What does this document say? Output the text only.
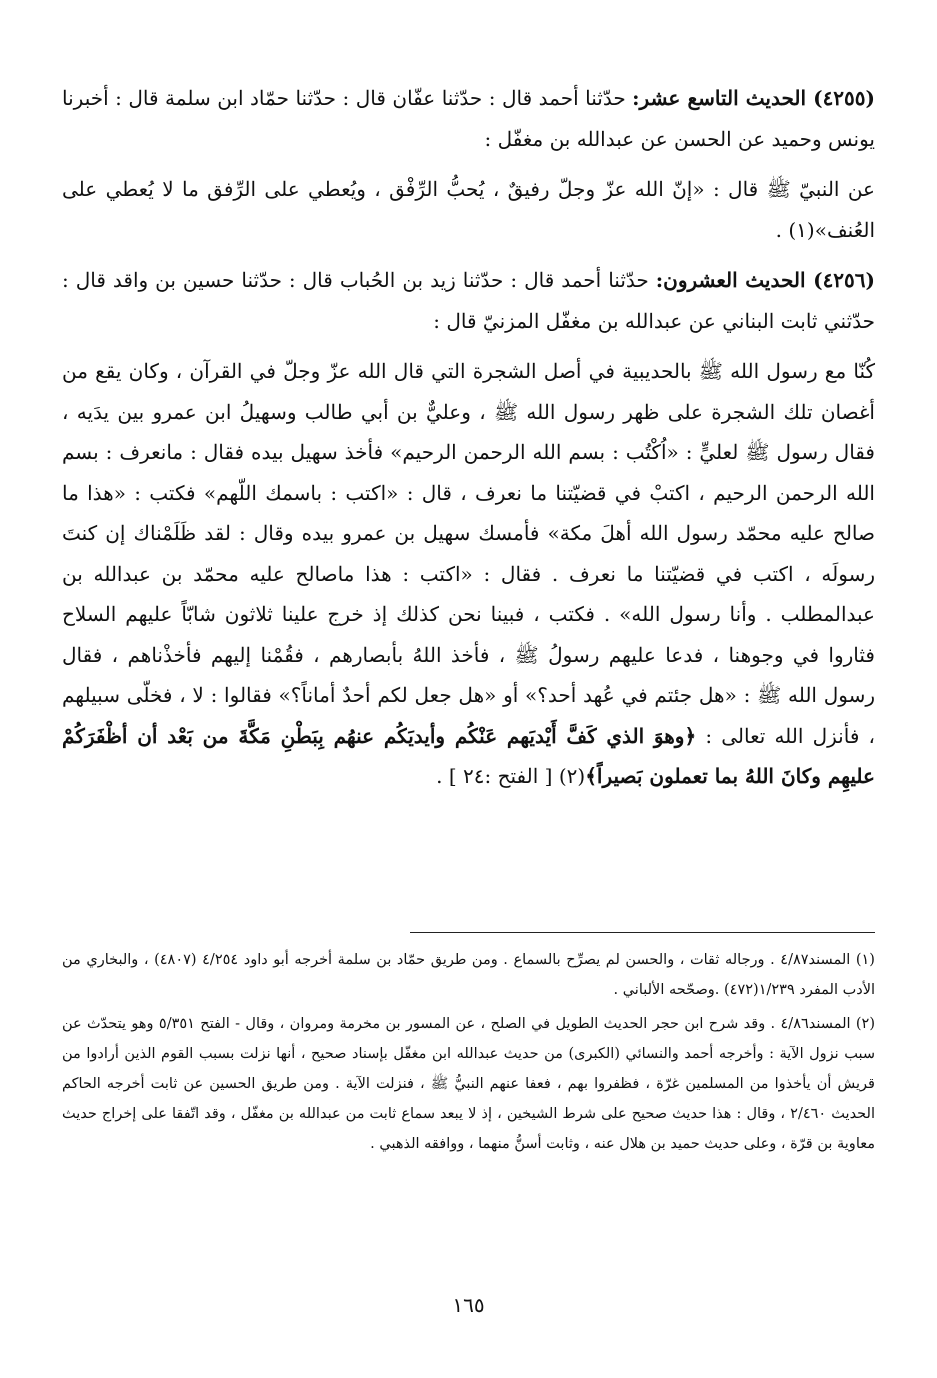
(٤٢٥٥) الحديث التاسع عشر: حدّثنا أحمد قال : حدّثنا عفّان قال : حدّثنا حمّاد ابن سلمة قال : أخبرنا يونس وحميد عن الحسن عن عبدالله بن مغفّل :

عن النبيّ ﷺ قال : «إنّ الله عزّ وجلّ رفيقٌ ، يُحبُّ الرِّفْق ، ويُعطي على الرِّفق ما لا يُعطي على العُنف»(١) .

(٤٢٥٦) الحديث العشرون: حدّثنا أحمد قال : حدّثنا زيد بن الحُباب قال : حدّثنا حسين بن واقد قال : حدّثني ثابت البناني عن عبدالله بن مغفّل المزنيّ قال :

كُنّا مع رسول الله ﷺ بالحديبية في أصل الشجرة التي قال الله عزّ وجلّ في القرآن ، وكان يقع من أغصان تلك الشجرة على ظهر رسول الله ﷺ ، وعليٌّ بن أبي طالب وسهيلُ ابن عمرو بين يدَيه ، فقال رسول ﷺ لعليٍّ : «اُكْتُب : بسم الله الرحمن الرحيم» فأخذ سهيل بيده فقال : مانعرف : بسم الله الرحمن الرحيم ، اكتبْ في قضيّتنا ما نعرف ، قال : «اكتب : باسمك اللّهم» فكتب : «هذا ما صالح عليه محمّد رسول الله أهلَ مكة» فأمسك سهيل بن عمرو بيده وقال : لقد ظَلَمْناك إن كنتَ رسولَه ، اكتب في قضيّتنا ما نعرف . فقال : «اكتب : هذا ماصالح عليه محمّد بن عبدالله بن عبدالمطلب . وأنا رسول الله» . فكتب ، فبينا نحن كذلك إذ خرج علينا ثلاثون شابّاً عليهم السلاح فثاروا في وجوهنا ، فدعا عليهم رسولُ ﷺ ، فأخذ اللهُ بأبصارهم ، فقُمْنا إليهم فأخذْناهم ، فقال رسول الله ﷺ : «هل جئتم في عُهد أحد؟» أو «هل جعل لكم أحدٌ أماناً؟» فقالوا : لا ، فخلّى سبيلهم ، فأنزل الله تعالى : ﴿وهوَ الذي كَفَّ أَيْديَهم عَنْكُم وأيديَكُم عنهُم بِبَطْنِ مَكَّةَ من بَعْد أن أظْفَرَكُمْ عليهِم وكانَ اللهُ بما تعملون بَصيراً﴾(٢) [ الفتح :٢٤ ] .

(١) المسند٤/٨٧ . ورجاله ثقات ، والحسن لم يصرِّح بالسماع . ومن طريق حمّاد بن سلمة أخرجه أبو داود ٤/٢٥٤ (٤٨٠٧) ، والبخاري من الأدب المفرد ١/٢٣٩(٤٧٢) .وصحّحه الألباني .

(٢) المسند٤/٨٦ . وقد شرح ابن حجر الحديث الطويل في الصلح ، عن المسور بن مخرمة ومروان ، وقال - الفتح ٥/٣٥١ وهو يتحدّث عن سبب نزول الآية : وأخرجه أحمد والنسائي (الكبرى) من حديث عبدالله ابن مغفّل بإسناد صحيح ، أنها نزلت بسبب القوم الذين أرادوا من قريش أن يأخذوا من المسلمين غرّة ، فظفروا بهم ، فعفا عنهم النبيُّ ﷺ ، فنزلت الآية . ومن طريق الحسين عن ثابت أخرجه الحاكم الحديث ٢/٤٦٠ ، وقال : هذا حديث صحيح على شرط الشيخين ، إذ لا يبعد سماع ثابت من عبدالله بن مغفّل ، وقد اتّفقا على إخراج حديث معاوية بن قرّة ، وعلى حديث حميد بن هلال عنه ، وثابت أسنُّ منهما ، ووافقه الذهبي .

١٦٥
